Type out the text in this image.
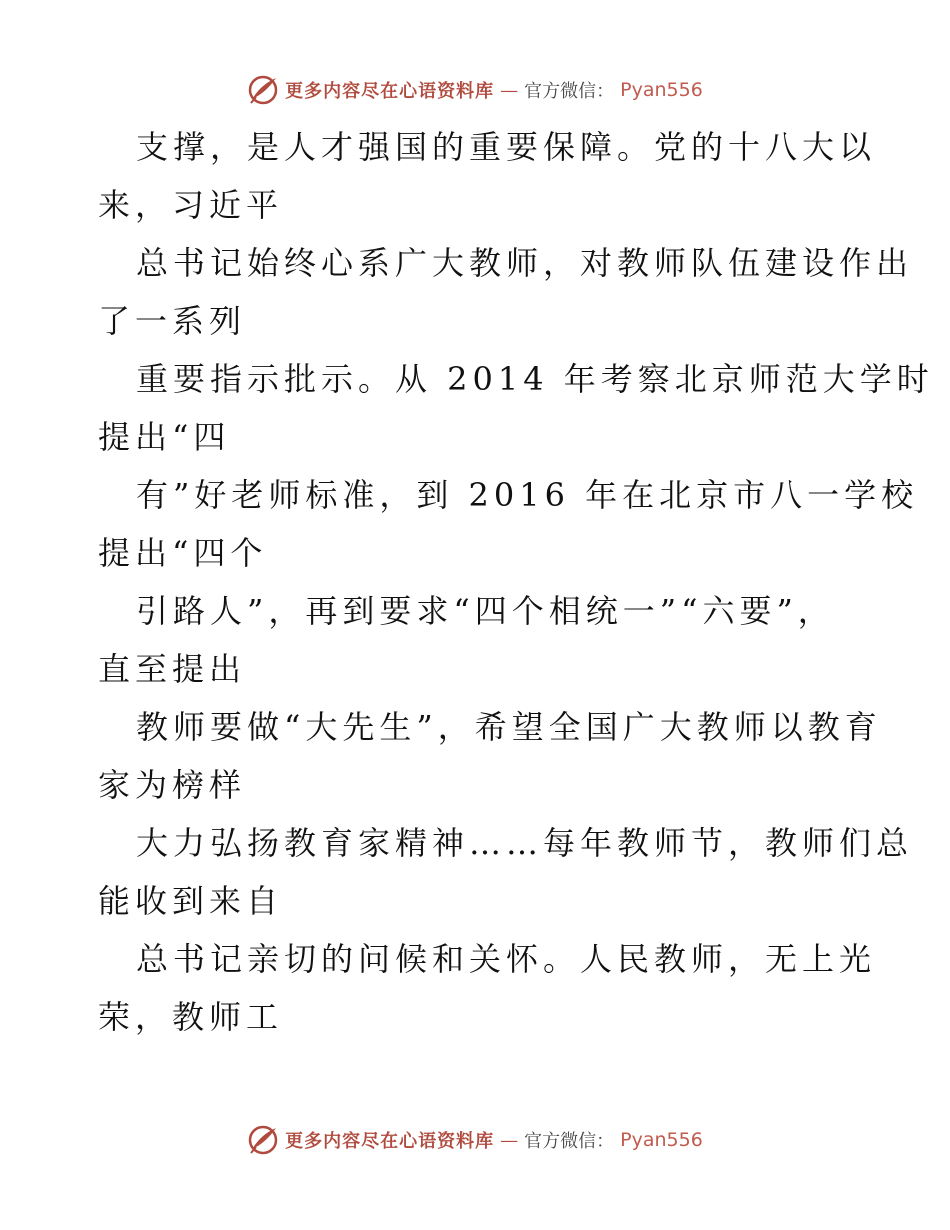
更多内容尽在心语资料库 — 官方微信： Pyan556
支撑，是人才强国的重要保障。党的十八大以
来，习近平
总书记始终心系广大教师，对教师队伍建设作出
了一系列
重要指示批示。从 2014 年考察北京师范大学时
提出“四
有”好老师标准，到 2016 年在北京市八一学校
提出“四个
引路人”，再到要求“四个相统一”“六要”，
直至提出
教师要做“大先生”，希望全国广大教师以教育
家为榜样
大力弘扬教育家精神……每年教师节，教师们总
能收到来自
总书记亲切的问候和关怀。人民教师，无上光
荣，教师工
更多内容尽在心语资料库 — 官方微信： Pyan556
